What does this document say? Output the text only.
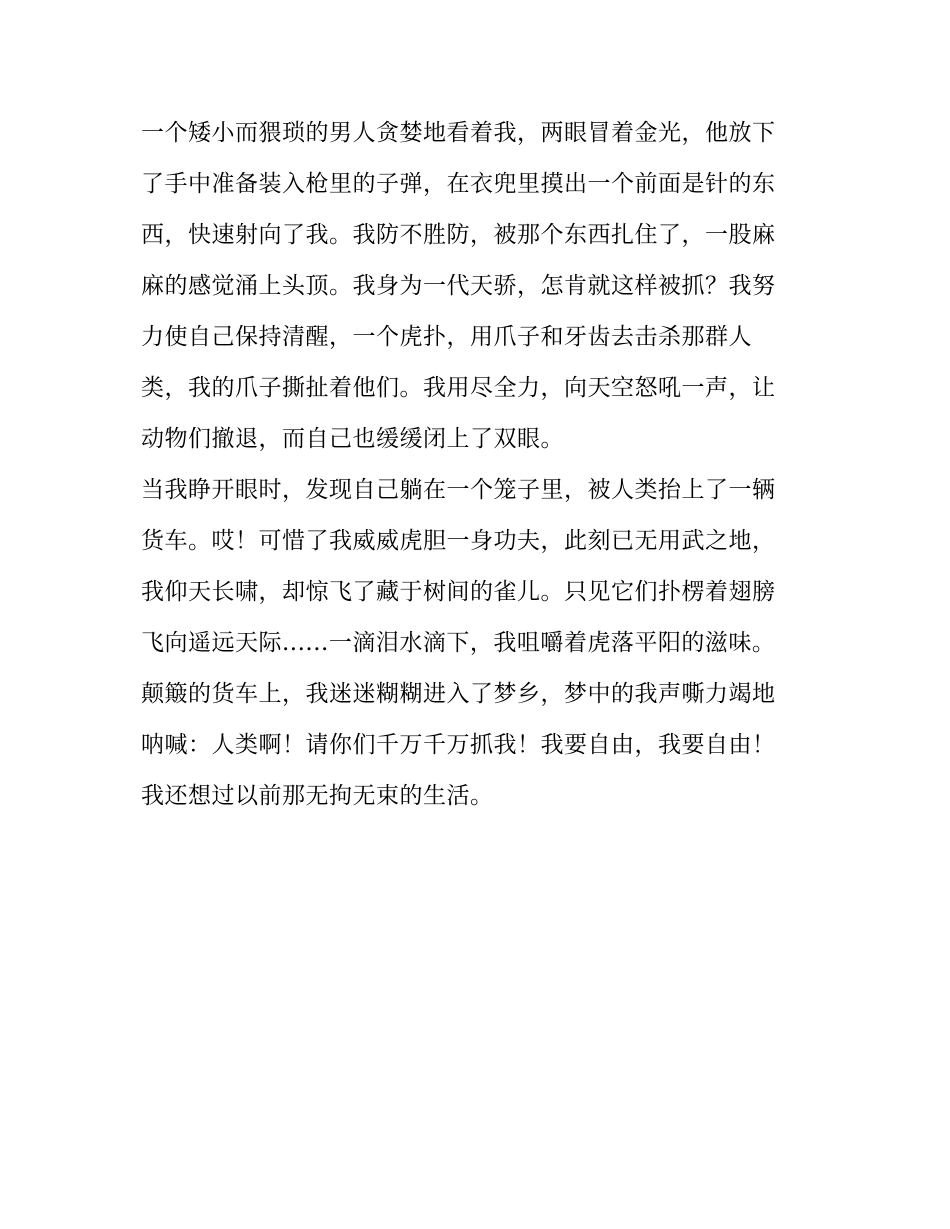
一个矮小而猥琐的男人贪婪地看着我，两眼冒着金光，他放下
了手中准备装入枪里的子弹，在衣兜里摸出一个前面是针的东
西，快速射向了我。我防不胜防，被那个东西扎住了，一股麻
麻的感觉涌上头顶。我身为一代天骄，怎肯就这样被抓？我努
力使自己保持清醒，一个虎扑，用爪子和牙齿去击杀那群人
类，我的爪子撕扯着他们。我用尽全力，向天空怒吼一声，让
动物们撤退，而自己也缓缓闭上了双眼。
当我睁开眼时，发现自己躺在一个笼子里，被人类抬上了一辆
货车。哎！可惜了我威威虎胆一身功夫，此刻已无用武之地，
我仰天长啸，却惊飞了藏于树间的雀儿。只见它们扑楞着翅膀
飞向遥远天际......一滴泪水滴下，我咀嚼着虎落平阳的滋味。
颠簸的货车上，我迷迷糊糊进入了梦乡，梦中的我声嘶力竭地
呐喊：人类啊！请你们千万千万抓我！我要自由，我要自由！
我还想过以前那无拘无束的生活。
